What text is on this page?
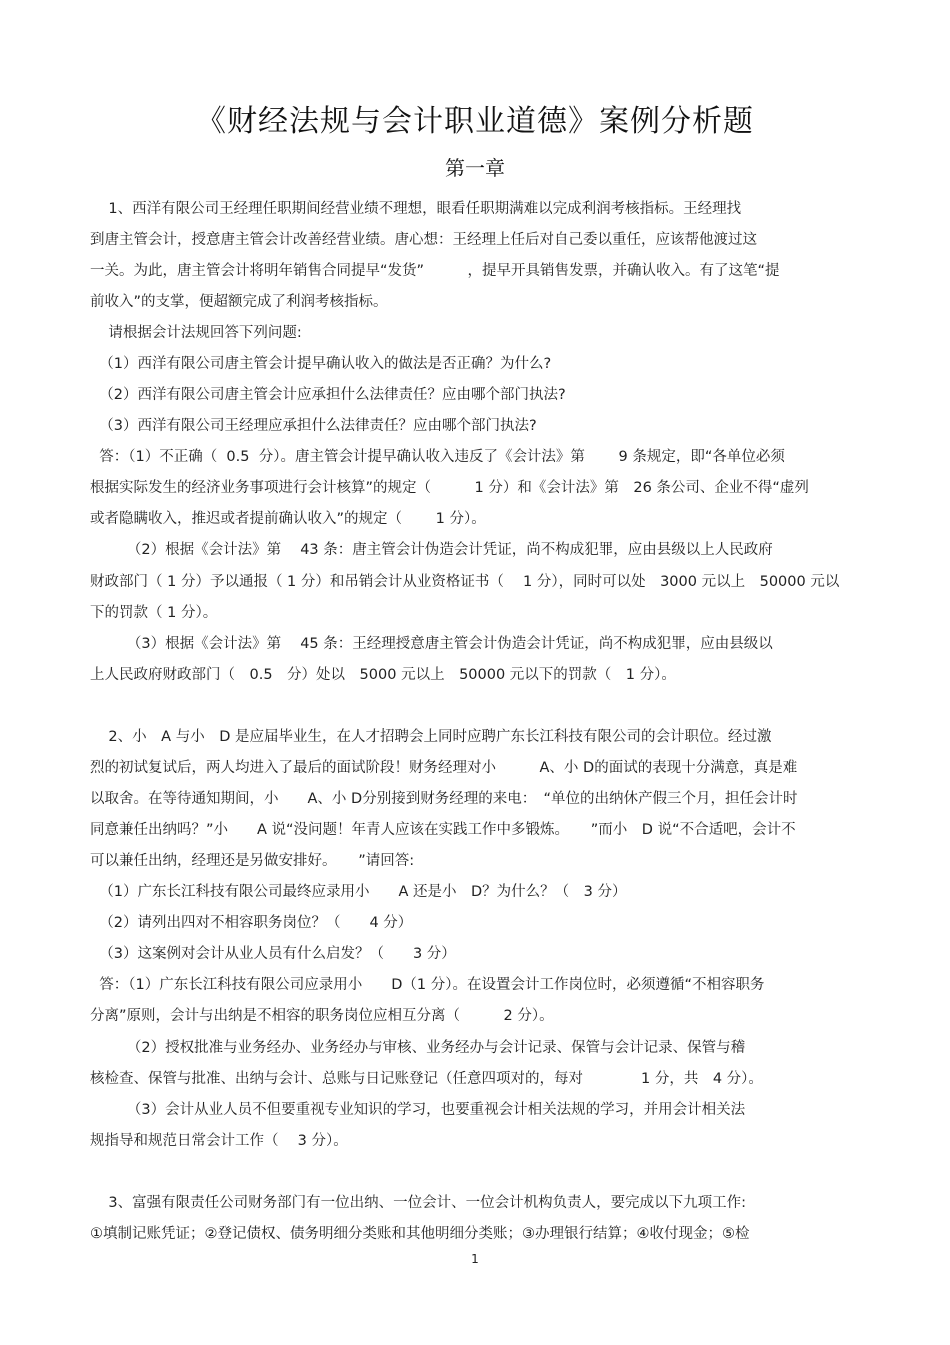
《财经法规与会计职业道德》案例分析题
第一章
1、西洋有限公司王经理任职期间经营业绩不理想，眼看任职期满难以完成利润考核指标。王经理找
到唐主管会计，授意唐主管会计改善经营业绩。唐心想：王经理上任后对自己委以重任，应该帮他渡过这
一关。为此，唐主管会计将明年销售合同提早“发货”　　　，提早开具销售发票，并确认收入。有了这笔“提
前收入”的支掌，便超额完成了利润考核指标。
请根据会计法规回答下列问题:
（1）西洋有限公司唐主管会计提早确认收入的做法是否正确？为什么?
（2）西洋有限公司唐主管会计应承担什么法律责任？应由哪个部门执法?
（3）西洋有限公司王经理应承担什么法律责任？应由哪个部门执法?
答：（1）不正确（  0.5  分）。唐主管会计提早确认收入违反了《会计法》第　　 9 条规定，即“各单位必须
根据实际发生的经济业务事项进行会计核算”的规定（　　　1 分）和《会计法》第　26 条公司、企业不得“虚列
或者隐瞒收入，推迟或者提前确认收入”的规定（　　 1 分）。
（2）根据《会计法》第　 43 条：唐主管会计伪造会计凭证，尚不构成犯罪，应由县级以上人民政府
财政部门（ 1 分）予以通报（ 1 分）和吊销会计从业资格证书（　 1 分），同时可以处　3000 元以上　50000 元以
下的罚款（ 1 分）。
（3）根据《会计法》第　 45 条：王经理授意唐主管会计伪造会计凭证，尚不构成犯罪，应由县级以
上人民政府财政部门（　0.5　分）处以　5000 元以上　50000 元以下的罚款（　1 分）。
2、小　A 与小　D 是应届毕业生，在人才招聘会上同时应聘广东长江科技有限公司的会计职位。经过激
烈的初试复试后，两人均进入了最后的面试阶段！财务经理对小　　　A、小 D的面试的表现十分满意，真是难
以取舍。在等待通知期间，小　　A、小 D分别接到财务经理的来电：　“单位的出纳休产假三个月，担任会计时
同意兼任出纳吗？”小　　A 说“没问题！年青人应该在实践工作中多锻炼。　　”而小　D 说“不合适吧，会计不
可以兼任出纳，经理还是另做安排好。　　”请回答:
（1）广东长江科技有限公司最终应录用小　　A 还是小　D？为什么？（　3 分）
（2）请列出四对不相容职务岗位？（　　4 分）
（3）这案例对会计从业人员有什么启发？（　　3 分）
答：（1）广东长江科技有限公司应录用小　　D（1 分）。在设置会计工作岗位时，必须遵循“不相容职务
分离”原则，会计与出纳是不相容的职务岗位应相互分离（　　　2 分）。
（2）授权批准与业务经办、业务经办与审核、业务经办与会计记录、保管与会计记录、保管与稽
核检查、保管与批准、出纳与会计、总账与日记账登记（任意四项对的，每对　　　　1 分，共　4 分）。
（3）会计从业人员不但要重视专业知识的学习，也要重视会计相关法规的学习，并用会计相关法
规指导和规范日常会计工作（　 3 分）。
3、富强有限责任公司财务部门有一位出纳、一位会计、一位会计机构负责人，要完成以下九项工作:
①填制记账凭证；②登记债权、债务明细分类账和其他明细分类账；③办理银行结算；④收付现金；⑤检
1
